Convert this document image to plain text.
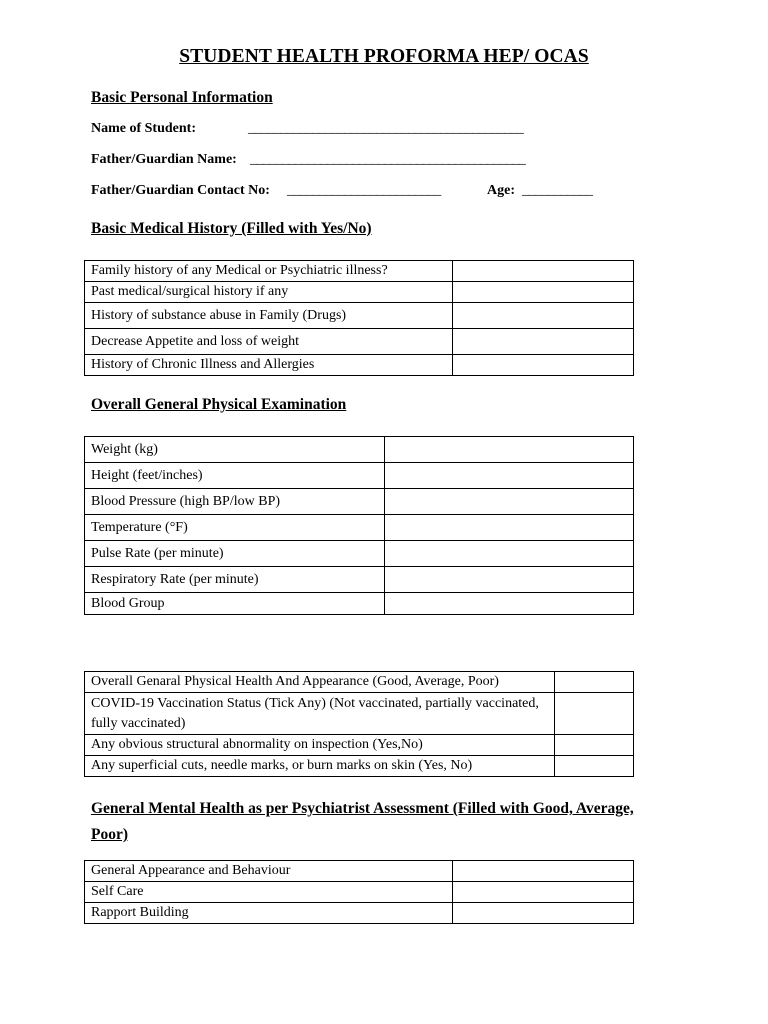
STUDENT HEALTH PROFORMA HEP/ OCAS
Basic Personal Information
Name of Student:	___________________________________________
Father/Guardian Name: ___________________________________________
Father/Guardian Contact No: ________________________	Age: ___________
Basic Medical History (Filled with Yes/No)
Family history of any Medical or Psychiatric illness?	
Past medical/surgical history if any	
History of substance abuse in Family (Drugs)	
Decrease Appetite and loss of weight	
History of Chronic Illness and Allergies	
Overall General Physical Examination
Weight (kg)	
Height (feet/inches)	
Blood Pressure (high BP/low BP)	
Temperature (°F)	
Pulse Rate (per minute)	
Respiratory Rate (per minute)	
Blood Group	
Overall Genaral Physical Health And Appearance (Good, Average, Poor)	
COVID-19 Vaccination Status (Tick Any) (Not vaccinated, partially vaccinated, fully vaccinated)	
Any obvious structural abnormality on inspection (Yes,No)	
Any superficial cuts, needle marks, or burn marks on skin (Yes, No)	
General Mental Health as per Psychiatrist Assessment (Filled with Good, Average, Poor)
General Appearance and Behaviour	
Self Care	
Rapport Building	
